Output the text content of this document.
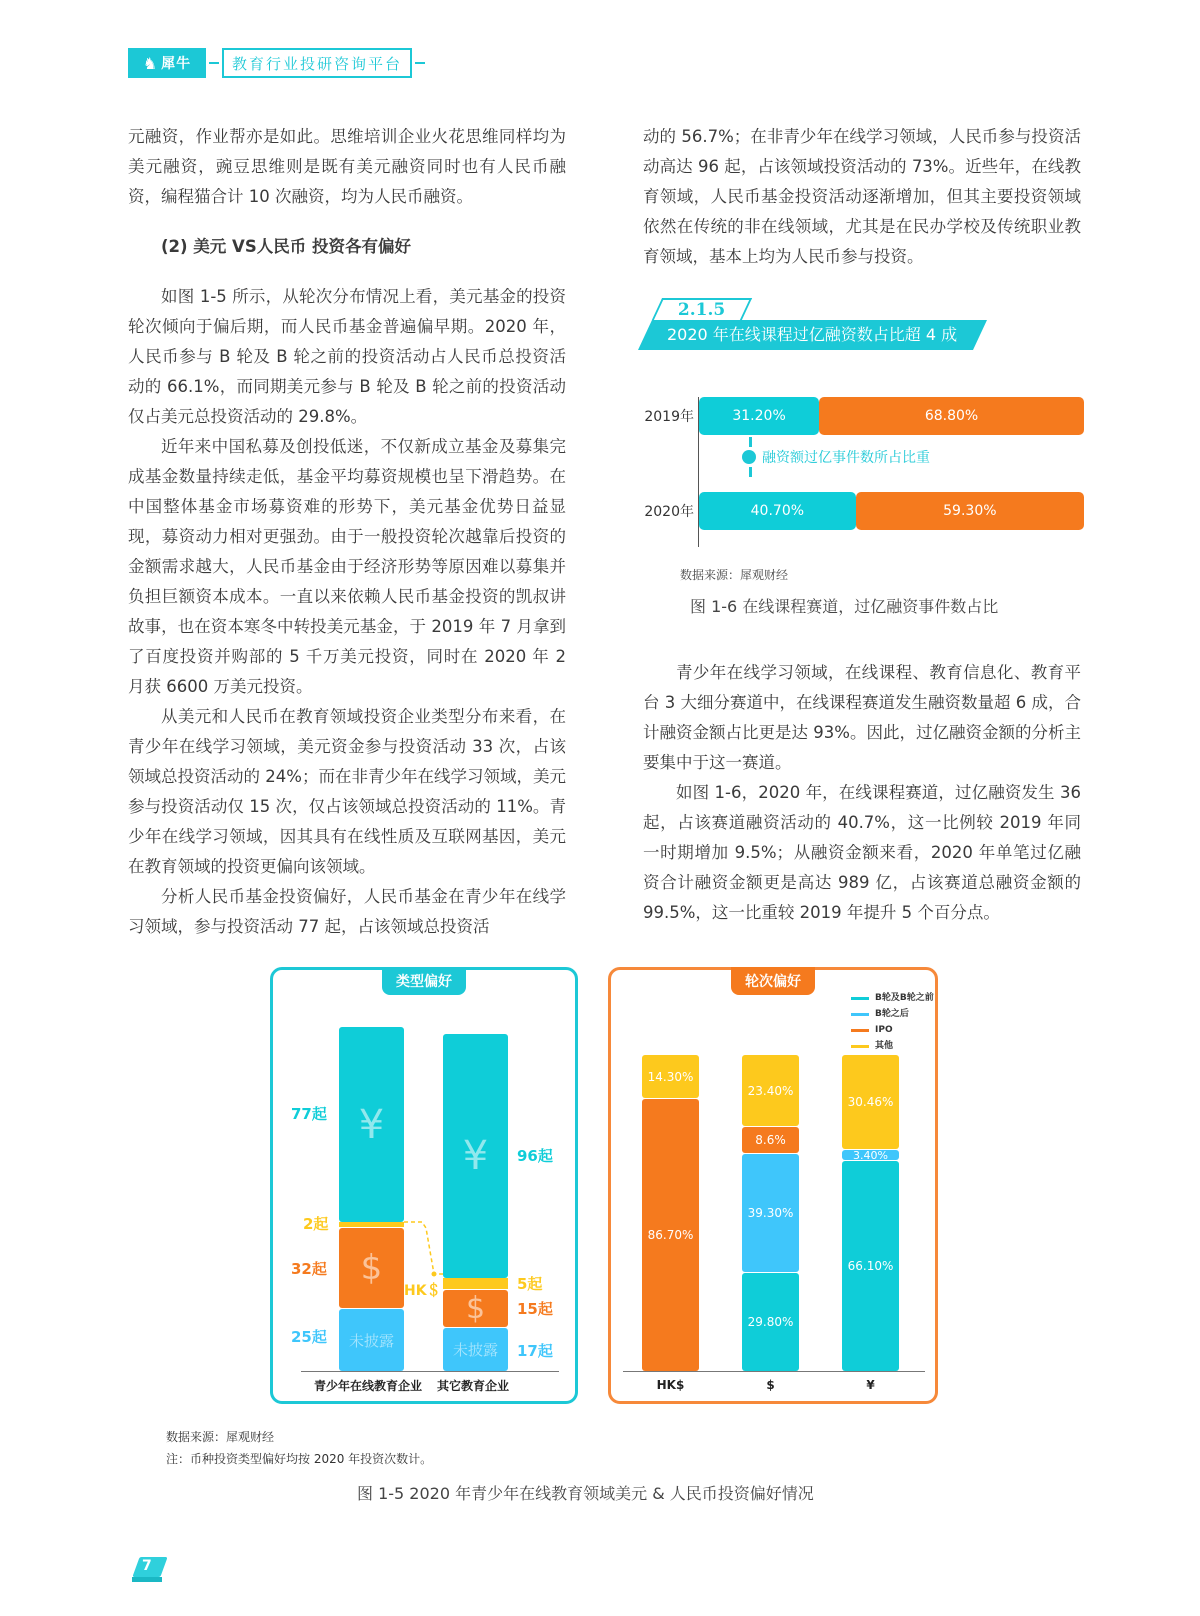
♞ 犀牛	教育行业投研咨询平台

元融资，作业帮亦是如此。思维培训企业火花思维同样均为美元融资，豌豆思维则是既有美元融资同时也有人民币融资，编程猫合计 10 次融资，均为人民币融资。

(2) 美元 VS人民币 投资各有偏好

如图 1-5 所示，从轮次分布情况上看，美元基金的投资轮次倾向于偏后期，而人民币基金普遍偏早期。2020 年，人民币参与 B 轮及 B 轮之前的投资活动占人民币总投资活动的 66.1%，而同期美元参与 B 轮及 B 轮之前的投资活动仅占美元总投资活动的 29.8%。

近年来中国私募及创投低迷，不仅新成立基金及募集完成基金数量持续走低，基金平均募资规模也呈下滑趋势。在中国整体基金市场募资难的形势下，美元基金优势日益显现，募资动力相对更强劲。由于一般投资轮次越靠后投资的金额需求越大，人民币基金由于经济形势等原因难以募集并负担巨额资本成本。一直以来依赖人民币基金投资的凯叔讲故事，也在资本寒冬中转投美元基金，于 2019 年 7 月拿到了百度投资并购部的 5 千万美元投资，同时在 2020 年 2 月获 6600 万美元投资。

从美元和人民币在教育领域投资企业类型分布来看，在青少年在线学习领域，美元资金参与投资活动 33 次，占该领域总投资活动的 24%；而在非青少年在线学习领域，美元参与投资活动仅 15 次，仅占该领域总投资活动的 11%。青少年在线学习领域，因其具有在线性质及互联网基因，美元在教育领域的投资更偏向该领域。

分析人民币基金投资偏好，人民币基金在青少年在线学习领域，参与投资活动 77 起，占该领域总投资活

动的 56.7%；在非青少年在线学习领域，人民币参与投资活动高达 96 起，占该领域投资活动的 73%。近些年，在线教育领域，人民币基金投资活动逐渐增加，但其主要投资领域依然在传统的非在线领域，尤其是在民办学校及传统职业教育领域，基本上均为人民币参与投资。

2.1.5
2020 年在线课程过亿融资数占比超 4 成
2019年	31.20%	68.80%
融资额过亿事件数所占比重
2020年	40.70%	59.30%
数据来源：犀观财经
图 1-6 在线课程赛道，过亿融资事件数占比

青少年在线学习领域，在线课程、教育信息化、教育平台 3 大细分赛道中，在线课程赛道发生融资数量超 6 成，合计融资金额占比更是达 93%。因此，过亿融资金额的分析主要集中于这一赛道。

如图 1-6，2020 年，在线课程赛道，过亿融资发生 36 起，占该赛道融资活动的 40.7%，这一比例较 2019 年同一时期增加 9.5%；从融资金额来看，2020 年单笔过亿融资合计融资金额更是高达 989 亿，占该赛道总融资金额的 99.5%，这一比重较 2019 年提升 5 个百分点。

类型偏好
¥
$
未披露
77起
2起
32起
25起
HK＄
¥
$
未披露
96起
5起
15起
17起
青少年在线教育企业	其它教育企业
轮次偏好
B轮及B轮之前
B轮之后
IPO
其他
14.30%
86.70%
23.40%
8.6%
39.30%
29.80%
30.46%
3.40%
66.10%
HK$	$	¥
数据来源：犀观财经
注：币种投资类型偏好均按 2020 年投资次数计。
图 1-5 2020 年青少年在线教育领域美元 & 人民币投资偏好情况
7
